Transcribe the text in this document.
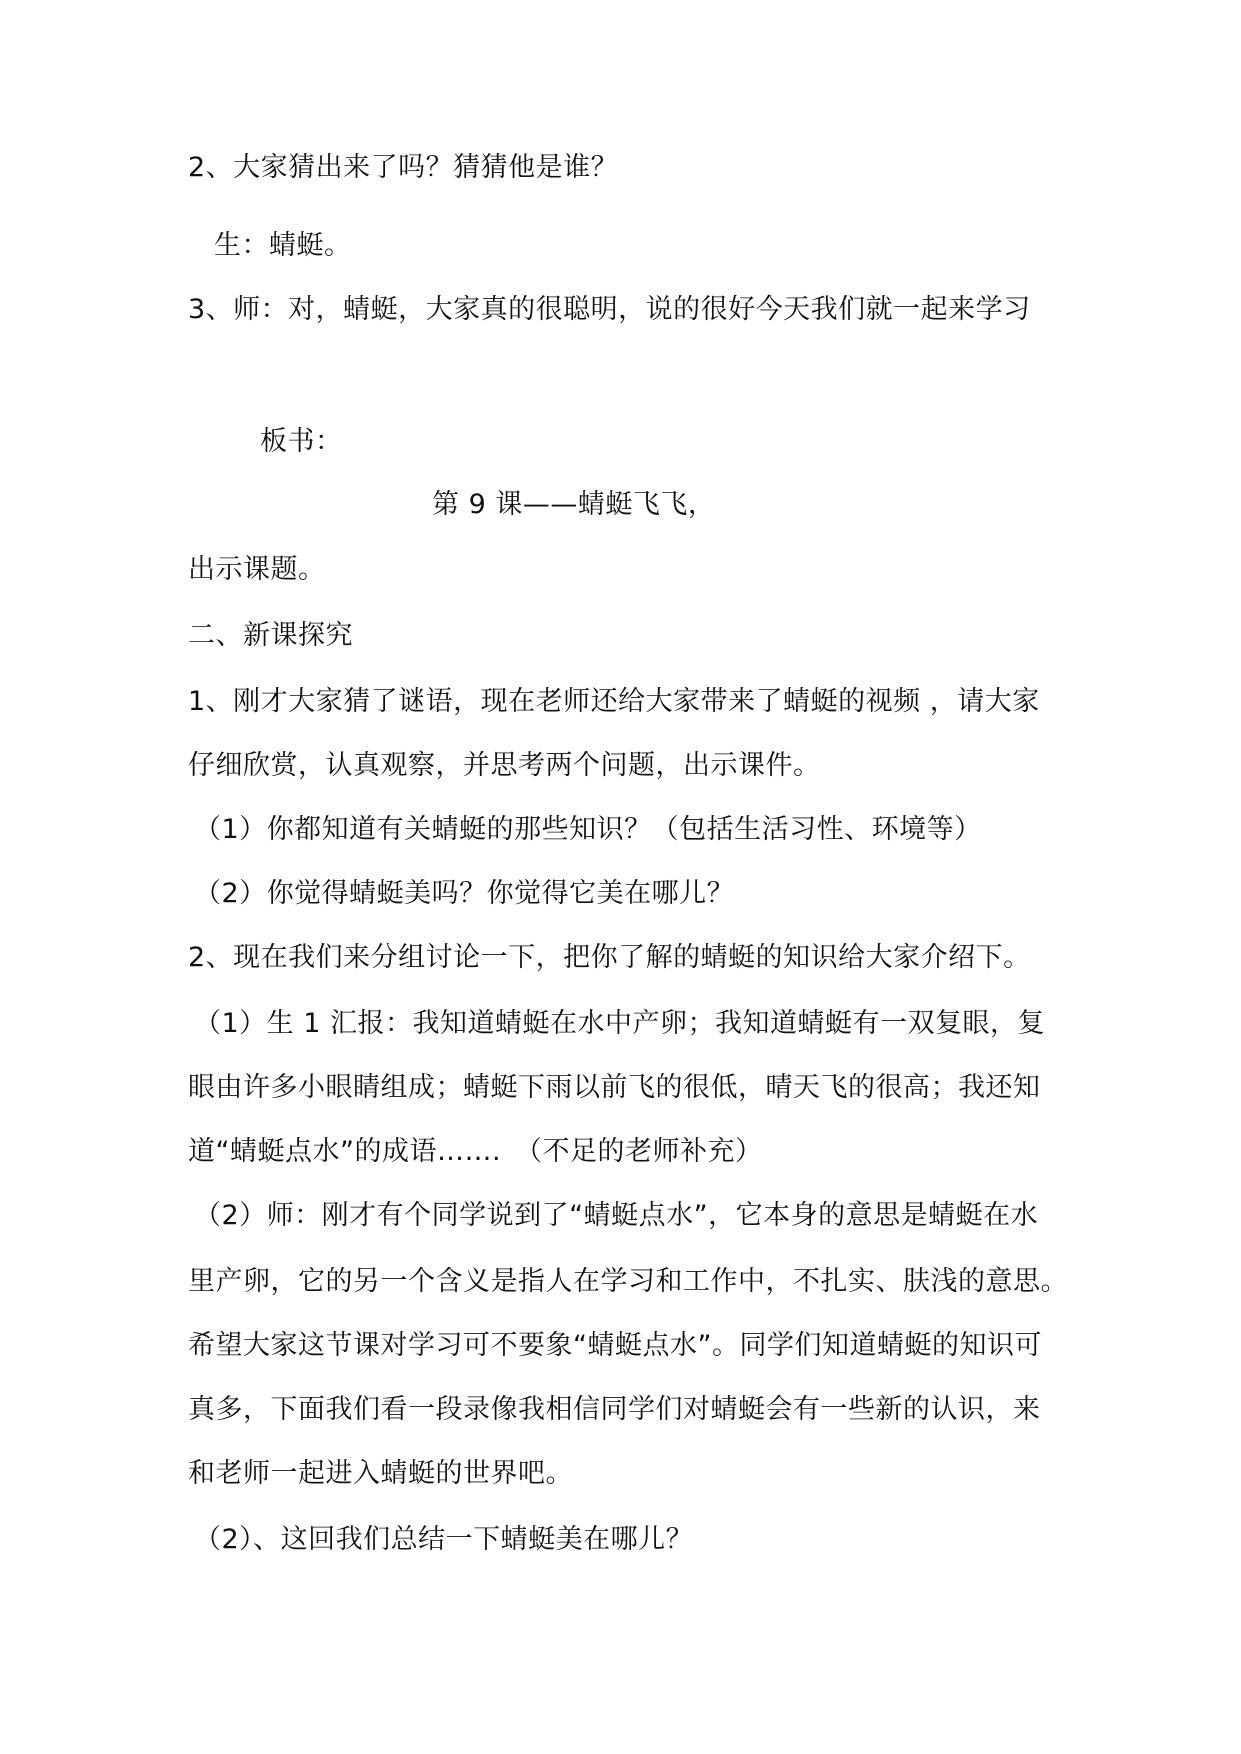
2、大家猜出来了吗？猜猜他是谁？
生：蜻蜓。
3、师：对，蜻蜓，大家真的很聪明，说的很好今天我们就一起来学习
板书：
第 9 课——蜻蜓飞飞，
出示课题。
二、新课探究
1、刚才大家猜了谜语，现在老师还给大家带来了蜻蜓的视频 ，请大家
仔细欣赏，认真观察，并思考两个问题，出示课件。
（1）你都知道有关蜻蜓的那些知识？（包括生活习性、环境等）
（2）你觉得蜻蜓美吗？你觉得它美在哪儿？
2、现在我们来分组讨论一下，把你了解的蜻蜓的知识给大家介绍下。
（1）生 1 汇报：我知道蜻蜓在水中产卵；我知道蜻蜓有一双复眼，复
眼由许多小眼睛组成；蜻蜓下雨以前飞的很低，晴天飞的很高；我还知
道“蜻蜓点水”的成语…….　（不足的老师补充）
（2）师：刚才有个同学说到了“蜻蜓点水”，它本身的意思是蜻蜓在水
里产卵，它的另一个含义是指人在学习和工作中，不扎实、肤浅的意思。
希望大家这节课对学习可不要象“蜻蜓点水”。同学们知道蜻蜓的知识可
真多，下面我们看一段录像我相信同学们对蜻蜓会有一些新的认识，来
和老师一起进入蜻蜓的世界吧。
（2）、这回我们总结一下蜻蜓美在哪儿？
